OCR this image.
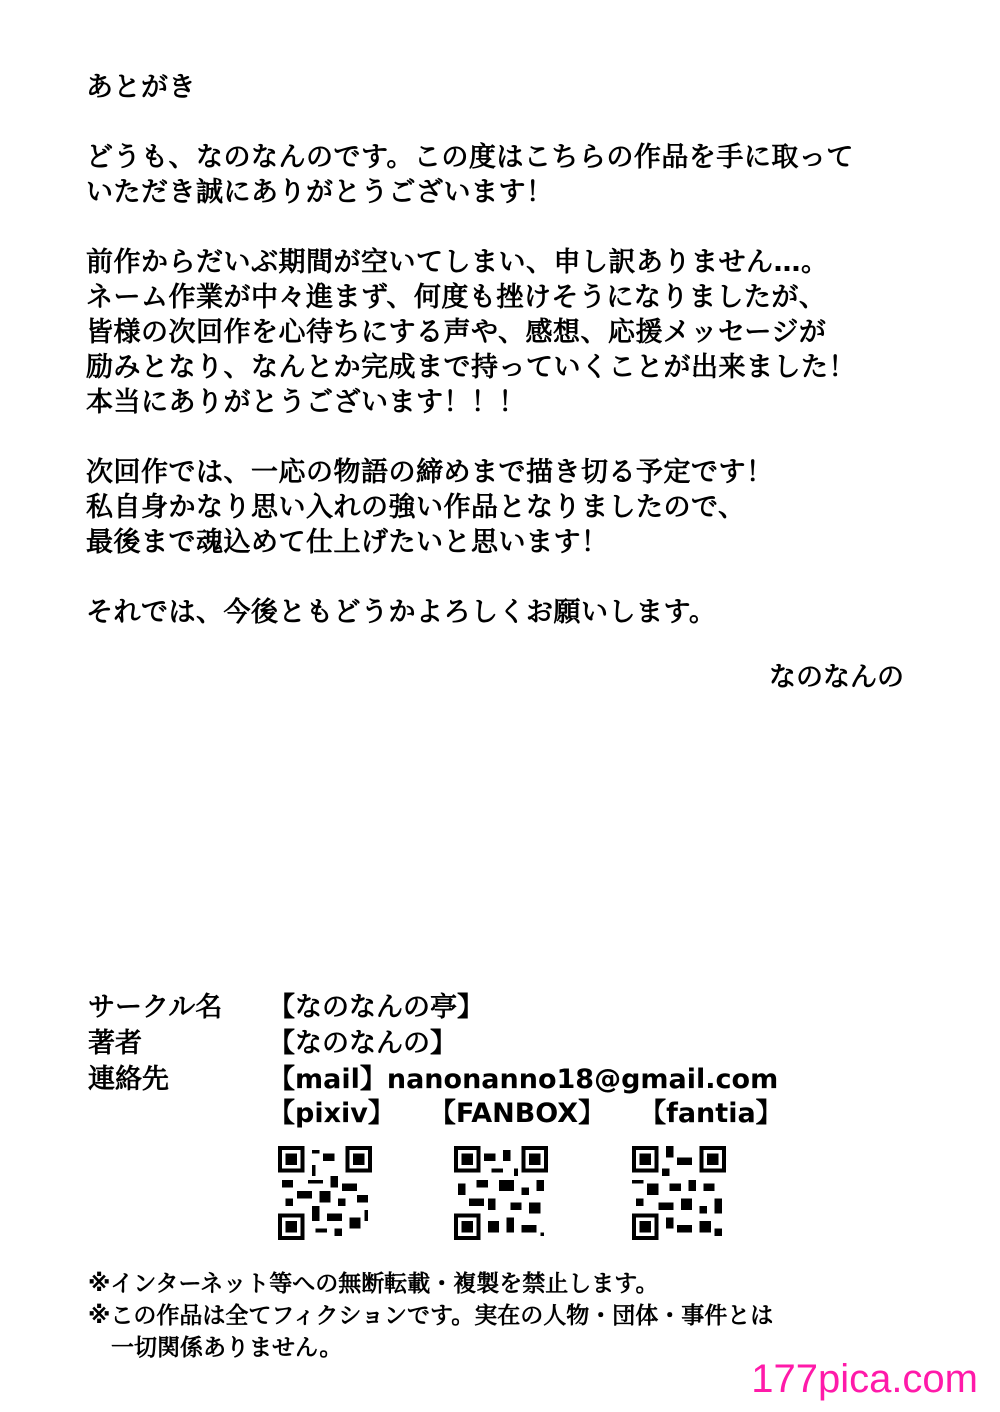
あとがき
どうも、なのなんのです。この度はこちらの作品を手に取って
いただき誠にありがとうございます！
前作からだいぶ期間が空いてしまい、申し訳ありません…。
ネーム作業が中々進まず、何度も挫けそうになりましたが、
皆様の次回作を心待ちにする声や、感想、応援メッセージが
励みとなり、なんとか完成まで持っていくことが出来ました！
本当にありがとうございます！！！
次回作では、一応の物語の締めまで描き切る予定です！
私自身かなり思い入れの強い作品となりましたので、
最後まで魂込めて仕上げたいと思います！
それでは、今後ともどうかよろしくお願いします。
なのなんの
サークル名 【なのなんの亭】
著者	【なのなんの】
連絡先	【mail】nanonanno18@gmail.com
【pixiv】 【FANBOX】 【fantia】
※インターネット等への無断転載・複製を禁止します。
※この作品は全てフィクションです。実在の人物・団体・事件とは
　一切関係ありません。
177pica.com
